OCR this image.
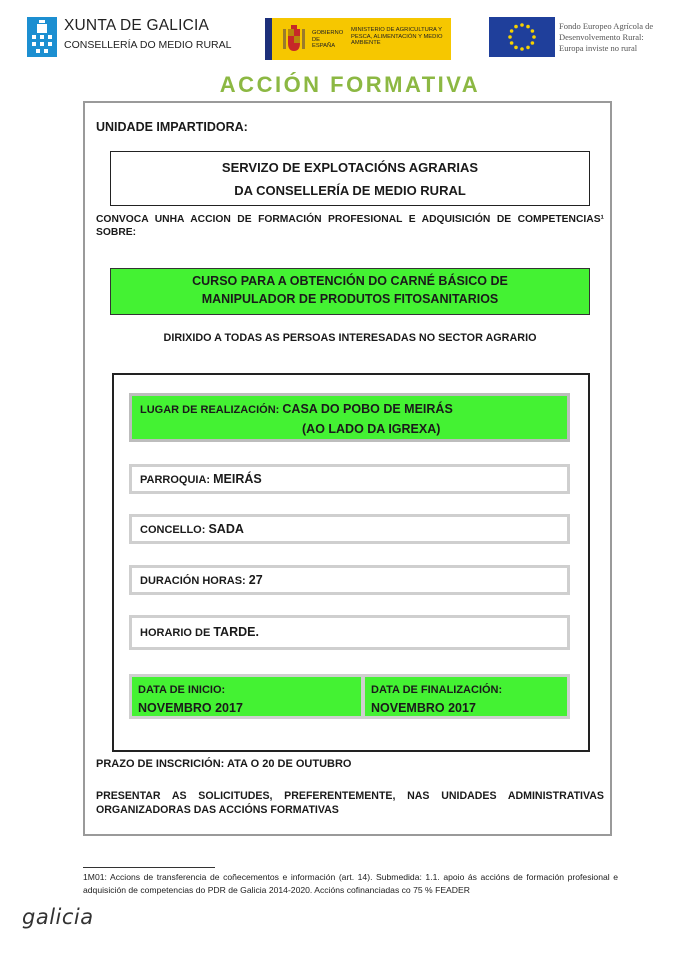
XUNTA DE GALICIA
CONSELLERÍA DO MEDIO RURAL
GOBIERNO DE ESPAÑA
MINISTERIO DE AGRICULTURA Y PESCA, ALIMENTACIÓN Y MEDIO AMBIENTE
Fondo Europeo Agrícola de
Desenvolvemento Rural:
Europa inviste no rural
ACCIÓN FORMATIVA
UNIDADE IMPARTIDORA:
SERVIZO DE EXPLOTACIÓNS AGRARIAS
DA CONSELLERÍA DE MEDIO RURAL
CONVOCA UNHA ACCION DE FORMACIÓN PROFESIONAL E ADQUISICIÓN DE COMPETENCIAS¹ SOBRE:
CURSO PARA A OBTENCIÓN DO CARNÉ BÁSICO DE
MANIPULADOR DE PRODUTOS FITOSANITARIOS
DIRIXIDO A TODAS AS PERSOAS INTERESADAS NO SECTOR AGRARIO
LUGAR DE REALIZACIÓN: CASA DO POBO DE MEIRÁS
(AO LADO DA IGREXA)
PARROQUIA: MEIRÁS
CONCELLO: SADA
DURACIÓN HORAS: 27
HORARIO DE TARDE.
DATA DE INICIO:
NOVEMBRO 2017
DATA DE FINALIZACIÓN:
NOVEMBRO 2017
PRAZO DE INSCRICIÓN: ATA O 20 DE OUTUBRO
PRESENTAR AS SOLICITUDES, PREFERENTEMENTE, NAS UNIDADES ADMINISTRATIVAS ORGANIZADORAS DAS ACCIÓNS FORMATIVAS
1M01: Accions de transferencia de coñecementos e información (art. 14). Submedida: 1.1. apoio ás accións de formación profesional e adquisición de competencias do PDR de Galicia 2014-2020. Accións cofinanciadas co 75 % FEADER
galicia
